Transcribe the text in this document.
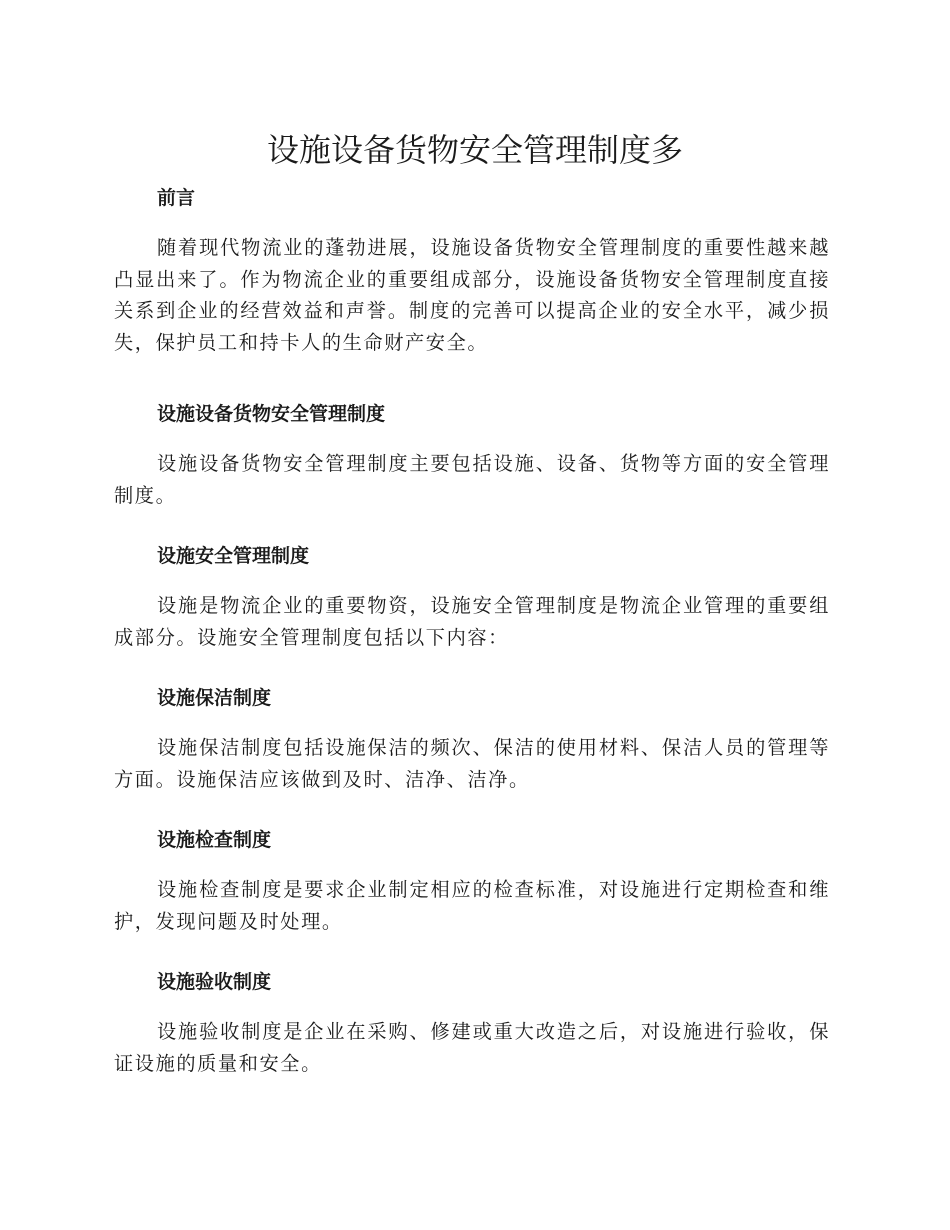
设施设备货物安全管理制度多
前言

随着现代物流业的蓬勃进展，设施设备货物安全管理制度的重要性越来越凸显出来了。作为物流企业的重要组成部分，设施设备货物安全管理制度直接关系到企业的经营效益和声誉。制度的完善可以提高企业的安全水平，减少损失，保护员工和持卡人的生命财产安全。

设施设备货物安全管理制度

设施设备货物安全管理制度主要包括设施、设备、货物等方面的安全管理制度。

设施安全管理制度

设施是物流企业的重要物资，设施安全管理制度是物流企业管理的重要组成部分。设施安全管理制度包括以下内容：

设施保洁制度

设施保洁制度包括设施保洁的频次、保洁的使用材料、保洁人员的管理等方面。设施保洁应该做到及时、洁净、洁净。

设施检查制度

设施检查制度是要求企业制定相应的检查标准，对设施进行定期检查和维护，发现问题及时处理。

设施验收制度

设施验收制度是企业在采购、修建或重大改造之后，对设施进行验收，保证设施的质量和安全。
